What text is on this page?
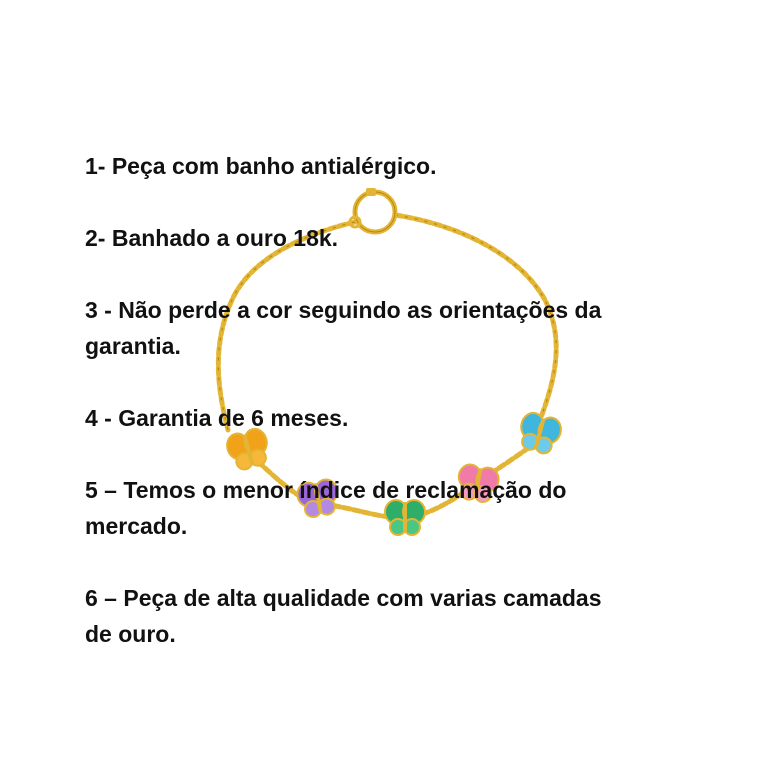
1- Peça com banho antialérgico.

2- Banhado a ouro 18k.

3 - Não perde a cor seguindo as orientações da
garantia.

4 - Garantia de 6 meses.

5 – Temos o menor índice de reclamação do
mercado.

6 – Peça de alta qualidade com varias camadas
de ouro.
